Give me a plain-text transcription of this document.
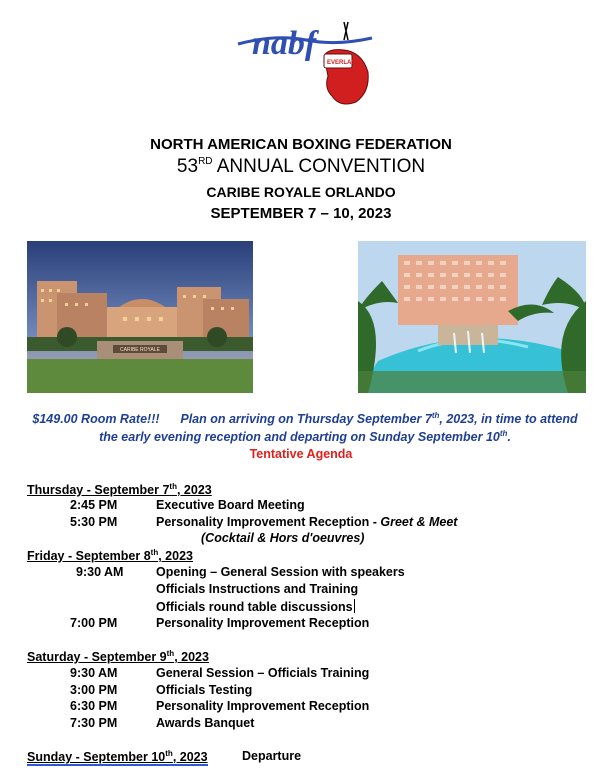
nabf
EVERLAST
NORTH AMERICAN BOXING FEDERATION
53RD ANNUAL CONVENTION
CARIBE ROYALE ORLANDO
SEPTEMBER 7 – 10, 2023
CARIBE ROYALE
$149.00 Room Rate!!! Plan on arriving on Thursday September 7th, 2023, in time to attend
the early evening reception and departing on Sunday September 10th.
Tentative Agenda
Thursday - September 7th, 2023
2:45 PM	Executive Board Meeting
5:30 PM	Personality Improvement Reception - Greet & Meet
(Cocktail & Hors d'oeuvres)
Friday - September 8th, 2023
9:30 AM	Opening – General Session with speakers
Officials Instructions and Training
Officials round table discussions
7:00 PM	Personality Improvement Reception
Saturday - September 9th, 2023
9:30 AM	General Session – Officials Training
3:00 PM	Officials Testing
6:30 PM	Personality Improvement Reception
7:30 PM	Awards Banquet
Sunday - September 10th, 2023	Departure
